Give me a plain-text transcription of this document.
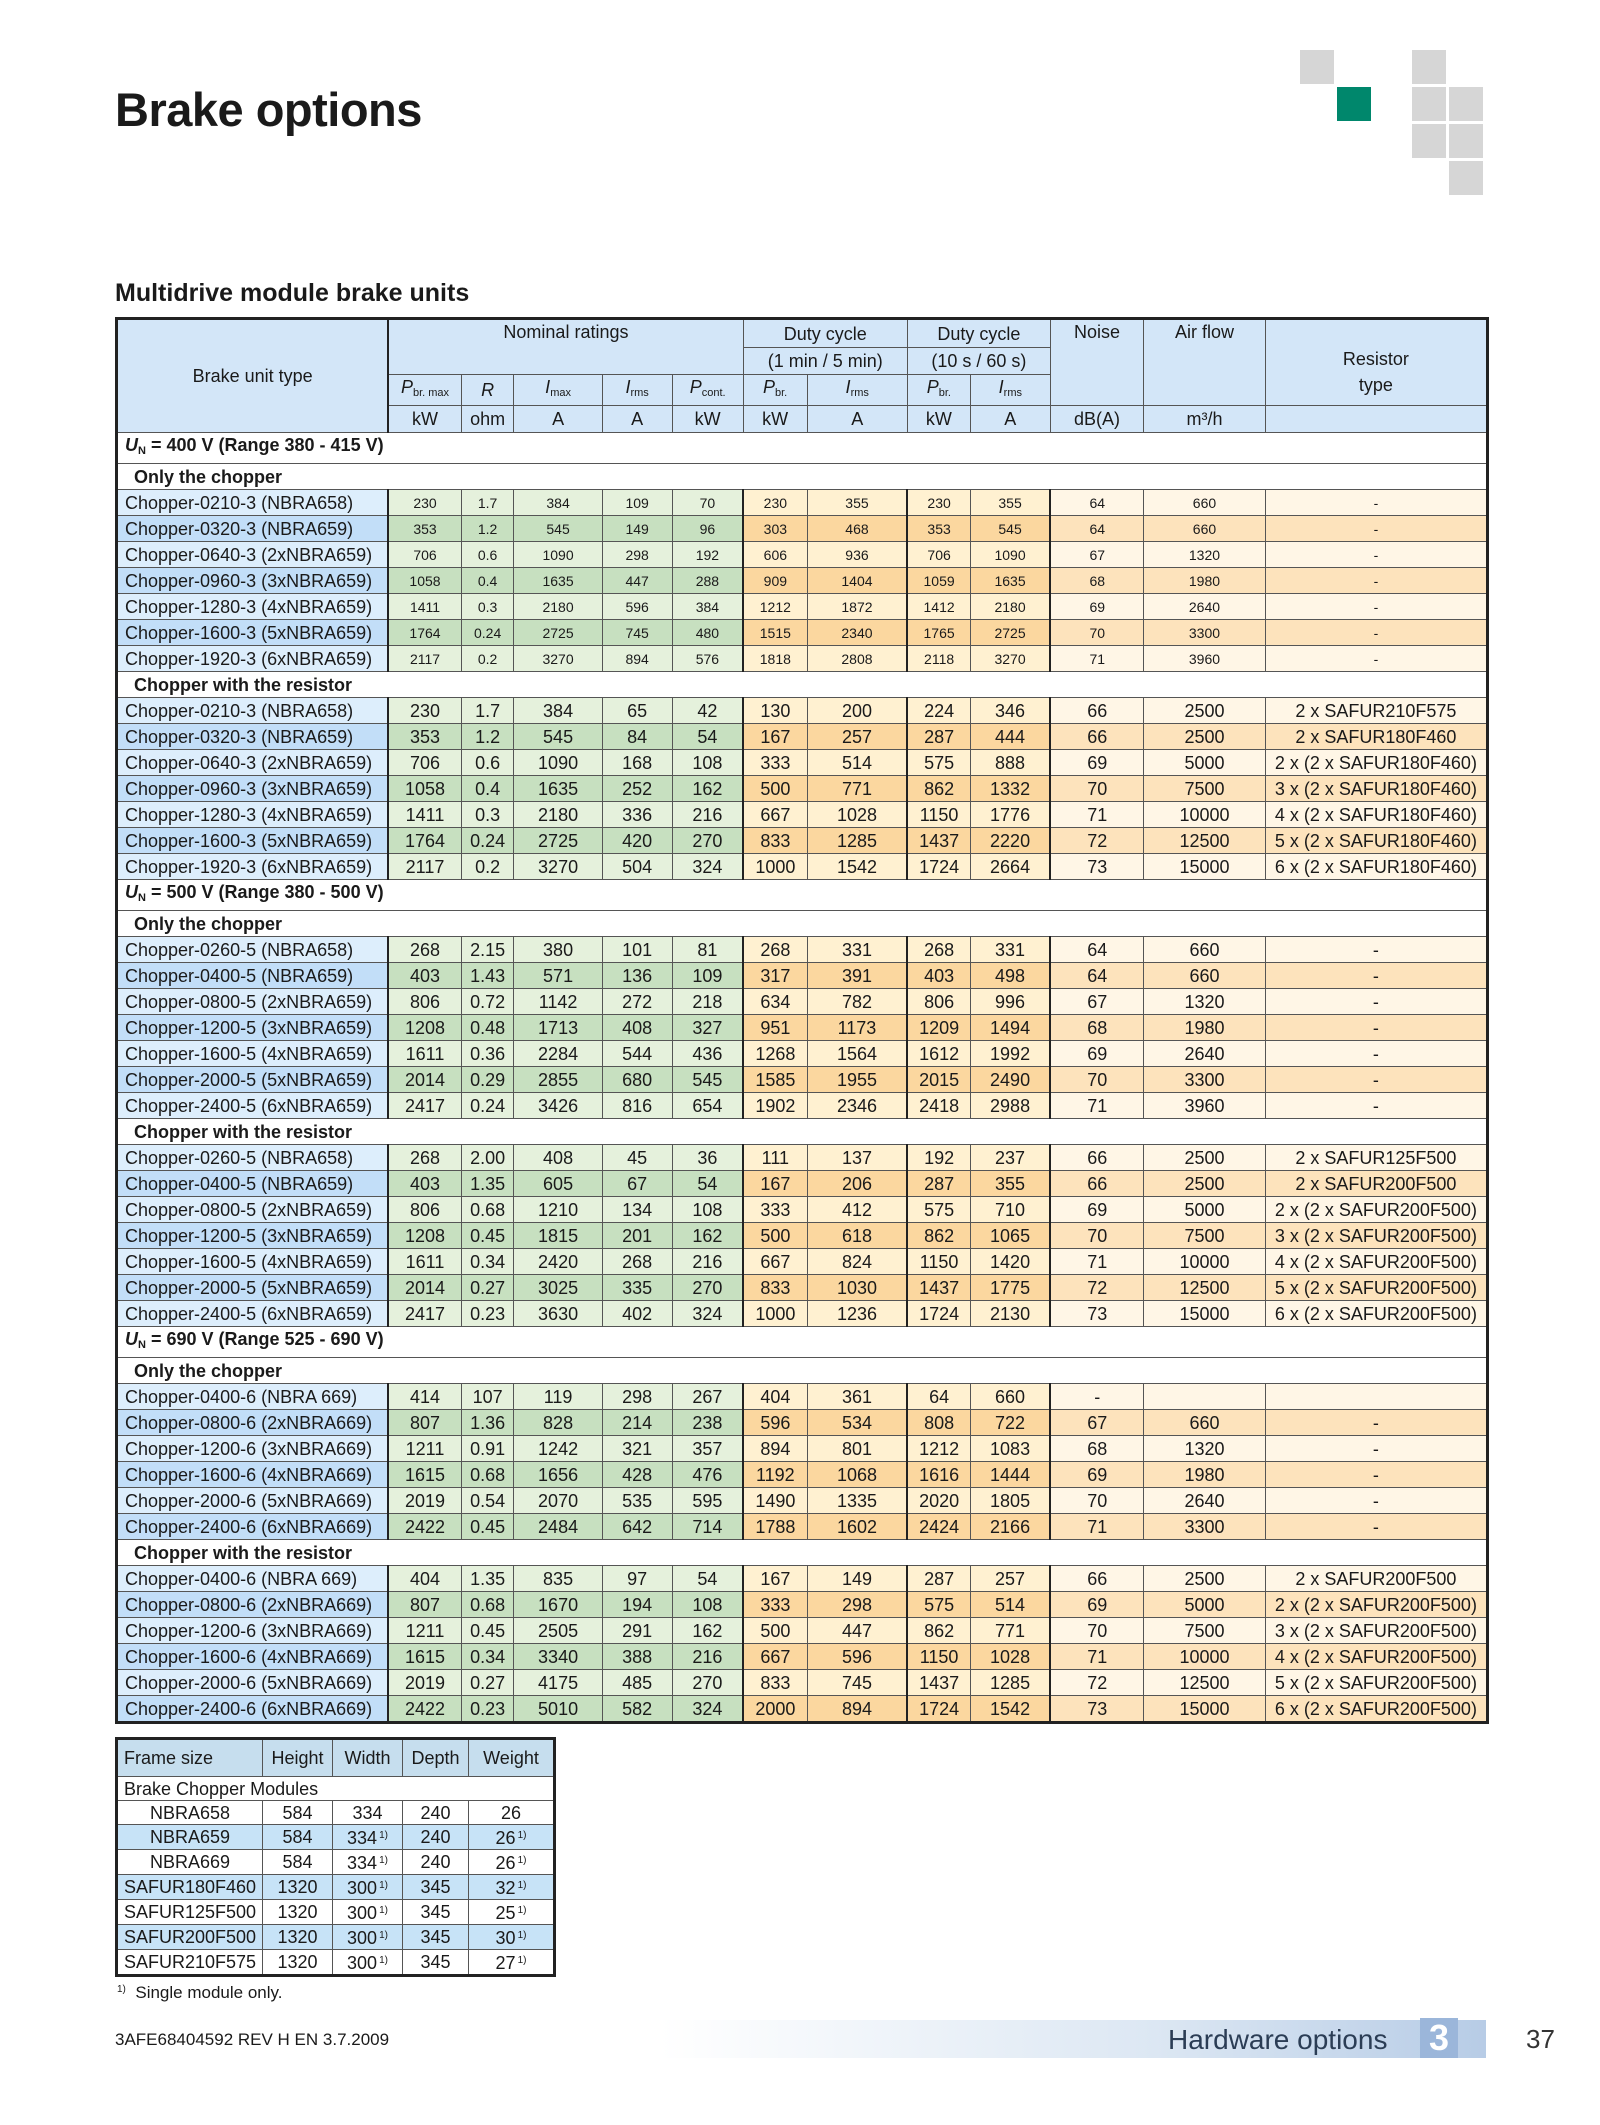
Brake options
Multidrive module brake units
Brake unit type	Nominal ratings					Duty cycle		Duty cycle		Noise	Air flow	Resistor
type
						(1 min / 5 min)		(10 s / 60 s)				
	$P_{br. max}$	R	$I_{max}$	$I_{rms}$	$P_{cont.}$	$P_{br.}$	$I_{rms}$	$P_{br.}$	$I_{rms}$
	kW	ohm	A	A	kW	kW	A	kW	A	dB(A)	m³/h	
$U_N = 400$ V (Range 380 - 415 V)												
Only the chopper												
Chopper-0210-3 (NBRA658)	230	1.7	384	109	70	230	355	230	355	64	660	-
Chopper-0320-3 (NBRA659)	353	1.2	545	149	96	303	468	353	545	64	660	-
Chopper-0640-3 (2xNBRA659)	706	0.6	1090	298	192	606	936	706	1090	67	1320	-
Chopper-0960-3 (3xNBRA659)	1058	0.4	1635	447	288	909	1404	1059	1635	68	1980	-
Chopper-1280-3 (4xNBRA659)	1411	0.3	2180	596	384	1212	1872	1412	2180	69	2640	-
Chopper-1600-3 (5xNBRA659)	1764	0.24	2725	745	480	1515	2340	1765	2725	70	3300	-
Chopper-1920-3 (6xNBRA659)	2117	0.2	3270	894	576	1818	2808	2118	3270	71	3960	-
Chopper with the resistor												
Chopper-0210-3 (NBRA658)	230	1.7	384	65	42	130	200	224	346	66	2500	2 x SAFUR210F575
Chopper-0320-3 (NBRA659)	353	1.2	545	84	54	167	257	287	444	66	2500	2 x SAFUR180F460
Chopper-0640-3 (2xNBRA659)	706	0.6	1090	168	108	333	514	575	888	69	5000	2 x (2 x SAFUR180F460)
Chopper-0960-3 (3xNBRA659)	1058	0.4	1635	252	162	500	771	862	1332	70	7500	3 x (2 x SAFUR180F460)
Chopper-1280-3 (4xNBRA659)	1411	0.3	2180	336	216	667	1028	1150	1776	71	10000	4 x (2 x SAFUR180F460)
Chopper-1600-3 (5xNBRA659)	1764	0.24	2725	420	270	833	1285	1437	2220	72	12500	5 x (2 x SAFUR180F460)
Chopper-1920-3 (6xNBRA659)	2117	0.2	3270	504	324	1000	1542	1724	2664	73	15000	6 x (2 x SAFUR180F460)
$U_N = 500$ V (Range 380 - 500 V)												
Only the chopper												
Chopper-0260-5 (NBRA658)	268	2.15	380	101	81	268	331	268	331	64	660	-
Chopper-0400-5 (NBRA659)	403	1.43	571	136	109	317	391	403	498	64	660	-
Chopper-0800-5 (2xNBRA659)	806	0.72	1142	272	218	634	782	806	996	67	1320	-
Chopper-1200-5 (3xNBRA659)	1208	0.48	1713	408	327	951	1173	1209	1494	68	1980	-
Chopper-1600-5 (4xNBRA659)	1611	0.36	2284	544	436	1268	1564	1612	1992	69	2640	-
Chopper-2000-5 (5xNBRA659)	2014	0.29	2855	680	545	1585	1955	2015	2490	70	3300	-
Chopper-2400-5 (6xNBRA659)	2417	0.24	3426	816	654	1902	2346	2418	2988	71	3960	-
Chopper with the resistor												
Chopper-0260-5 (NBRA658)	268	2.00	408	45	36	111	137	192	237	66	2500	2 x SAFUR125F500
Chopper-0400-5 (NBRA659)	403	1.35	605	67	54	167	206	287	355	66	2500	2 x SAFUR200F500
Chopper-0800-5 (2xNBRA659)	806	0.68	1210	134	108	333	412	575	710	69	5000	2 x (2 x SAFUR200F500)
Chopper-1200-5 (3xNBRA659)	1208	0.45	1815	201	162	500	618	862	1065	70	7500	3 x (2 x SAFUR200F500)
Chopper-1600-5 (4xNBRA659)	1611	0.34	2420	268	216	667	824	1150	1420	71	10000	4 x (2 x SAFUR200F500)
Chopper-2000-5 (5xNBRA659)	2014	0.27	3025	335	270	833	1030	1437	1775	72	12500	5 x (2 x SAFUR200F500)
Chopper-2400-5 (6xNBRA659)	2417	0.23	3630	402	324	1000	1236	1724	2130	73	15000	6 x (2 x SAFUR200F500)
$U_N = 690$ V (Range 525 - 690 V)												
Only the chopper												
Chopper-0400-6 (NBRA 669)	414	107	119	298	267	404	361	64	660	-		
Chopper-0800-6 (2xNBRA669)	807	1.36	828	214	238	596	534	808	722	67	660	-
Chopper-1200-6 (3xNBRA669)	1211	0.91	1242	321	357	894	801	1212	1083	68	1320	-
Chopper-1600-6 (4xNBRA669)	1615	0.68	1656	428	476	1192	1068	1616	1444	69	1980	-
Chopper-2000-6 (5xNBRA669)	2019	0.54	2070	535	595	1490	1335	2020	1805	70	2640	-
Chopper-2400-6 (6xNBRA669)	2422	0.45	2484	642	714	1788	1602	2424	2166	71	3300	-
Chopper with the resistor												
Chopper-0400-6 (NBRA 669)	404	1.35	835	97	54	167	149	287	257	66	2500	2 x SAFUR200F500
Chopper-0800-6 (2xNBRA669)	807	0.68	1670	194	108	333	298	575	514	69	5000	2 x (2 x SAFUR200F500)
Chopper-1200-6 (3xNBRA669)	1211	0.45	2505	291	162	500	447	862	771	70	7500	3 x (2 x SAFUR200F500)
Chopper-1600-6 (4xNBRA669)	1615	0.34	3340	388	216	667	596	1150	1028	71	10000	4 x (2 x SAFUR200F500)
Chopper-2000-6 (5xNBRA669)	2019	0.27	4175	485	270	833	745	1437	1285	72	12500	5 x (2 x SAFUR200F500)
Chopper-2400-6 (6xNBRA669)	2422	0.23	5010	582	324	2000	894	1724	1542	73	15000	6 x (2 x SAFUR200F500)
Frame size	Height	Width	Depth	Weight
Brake Chopper Modules				
NBRA658	584	334	240	26
NBRA659	584	334 $^{1)}$	240	26 $^{1)}$
NBRA669	584	334 $^{1)}$	240	26 $^{1)}$
SAFUR180F460	1320	300 $^{1)}$	345	32 $^{1)}$
SAFUR125F500	1320	300 $^{1)}$	345	25 $^{1)}$
SAFUR200F500	1320	300 $^{1)}$	345	30 $^{1)}$
SAFUR210F575	1320	300 $^{1)}$	345	27 $^{1)}$
$^{1)}$ Single module only.
3AFE68404592 REV H EN 3.7.2009	Hardware options 3	37
